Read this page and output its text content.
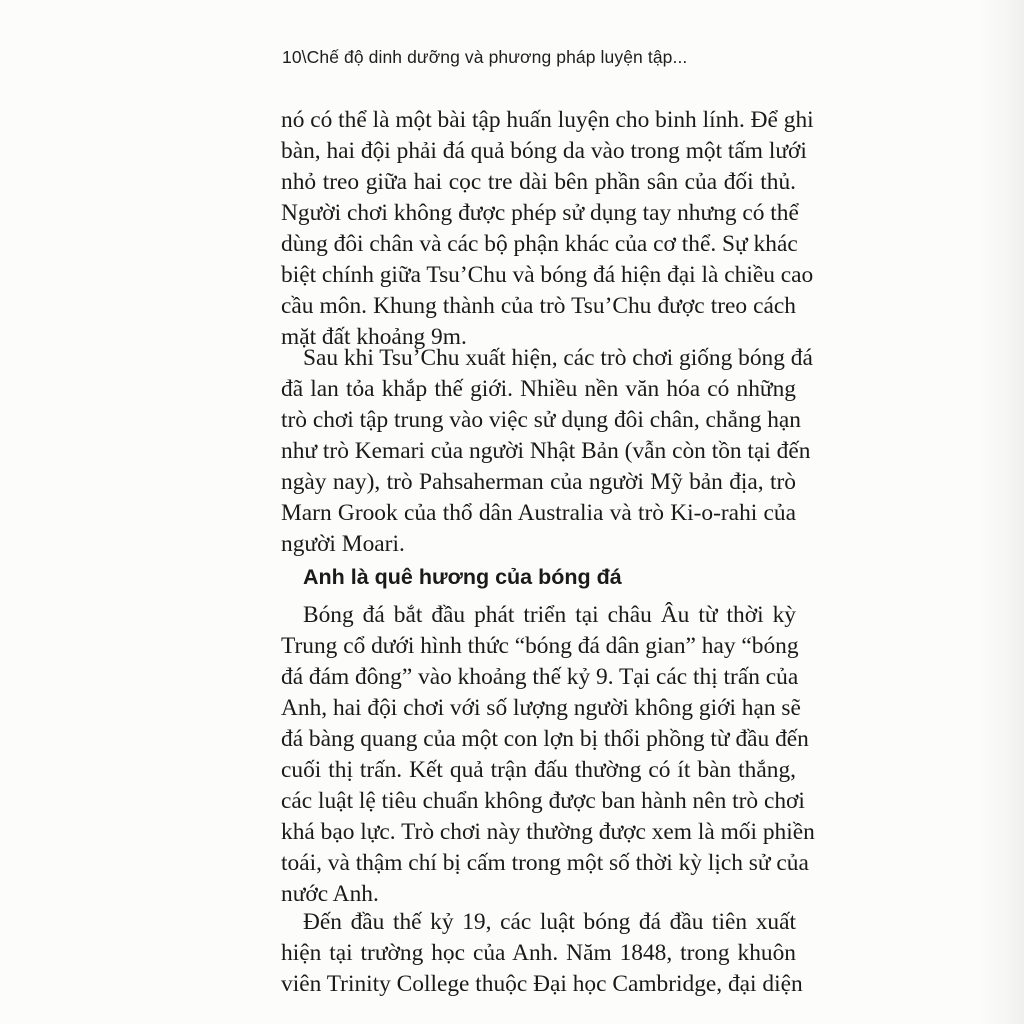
10\Chế độ dinh dưỡng và phương pháp luyện tập...
nó có thể là một bài tập huấn luyện cho binh lính. Để ghi
bàn, hai đội phải đá quả bóng da vào trong một tấm lưới
nhỏ treo giữa hai cọc tre dài bên phần sân của đối thủ.
Người chơi không được phép sử dụng tay nhưng có thể
dùng đôi chân và các bộ phận khác của cơ thể. Sự khác
biệt chính giữa Tsu’Chu và bóng đá hiện đại là chiều cao
cầu môn. Khung thành của trò Tsu’Chu được treo cách
mặt đất khoảng 9m.
Sau khi Tsu’Chu xuất hiện, các trò chơi giống bóng đá
đã lan tỏa khắp thế giới. Nhiều nền văn hóa có những
trò chơi tập trung vào việc sử dụng đôi chân, chẳng hạn
như trò Kemari của người Nhật Bản (vẫn còn tồn tại đến
ngày nay), trò Pahsaherman của người Mỹ bản địa, trò
Marn Grook của thổ dân Australia và trò Ki-o-rahi của
người Moari.
Anh là quê hương của bóng đá
Bóng đá bắt đầu phát triển tại châu Âu từ thời kỳ
Trung cổ dưới hình thức “bóng đá dân gian” hay “bóng
đá đám đông” vào khoảng thế kỷ 9. Tại các thị trấn của
Anh, hai đội chơi với số lượng người không giới hạn sẽ
đá bàng quang của một con lợn bị thổi phồng từ đầu đến
cuối thị trấn. Kết quả trận đấu thường có ít bàn thắng,
các luật lệ tiêu chuẩn không được ban hành nên trò chơi
khá bạo lực. Trò chơi này thường được xem là mối phiền
toái, và thậm chí bị cấm trong một số thời kỳ lịch sử của
nước Anh.
Đến đầu thế kỷ 19, các luật bóng đá đầu tiên xuất
hiện tại trường học của Anh. Năm 1848, trong khuôn
viên Trinity College thuộc Đại học Cambridge, đại diện
